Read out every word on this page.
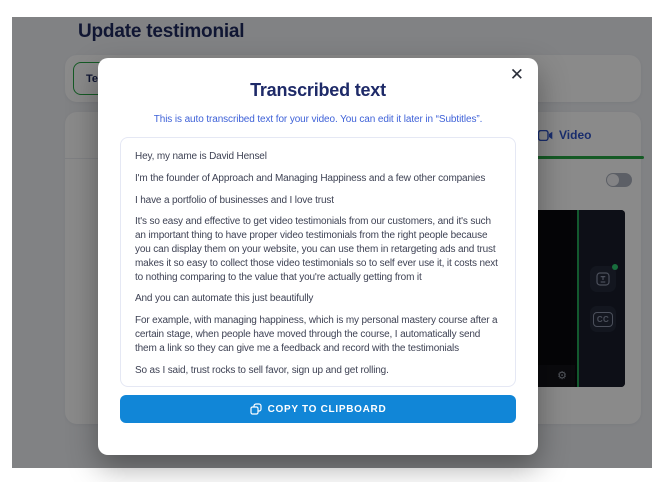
Update testimonial
Te
Video
CC
⚙
✕
Transcribed text
This is auto transcribed text for your video. You can edit it later in “Subtitles”.

Hey, my name is David Hensel

I'm the founder of Approach and Managing Happiness and a few other companies

I have a portfolio of businesses and I love trust

It's so easy and effective to get video testimonials from our customers, and it's such an important thing to have proper video testimonials from the right people because you can display them on your website, you can use them in retargeting ads and trust makes it so easy to collect those video testimonials so to self ever use it, it costs next to nothing comparing to the value that you're actually getting from it

And you can automate this just beautifully

For example, with managing happiness, which is my personal mastery course after a certain stage, when people have moved through the course, I automatically send them a link so they can give me a feedback and record with the testimonials

So as I said, trust rocks to sell favor, sign up and get rolling.

COPY TO CLIPBOARD
